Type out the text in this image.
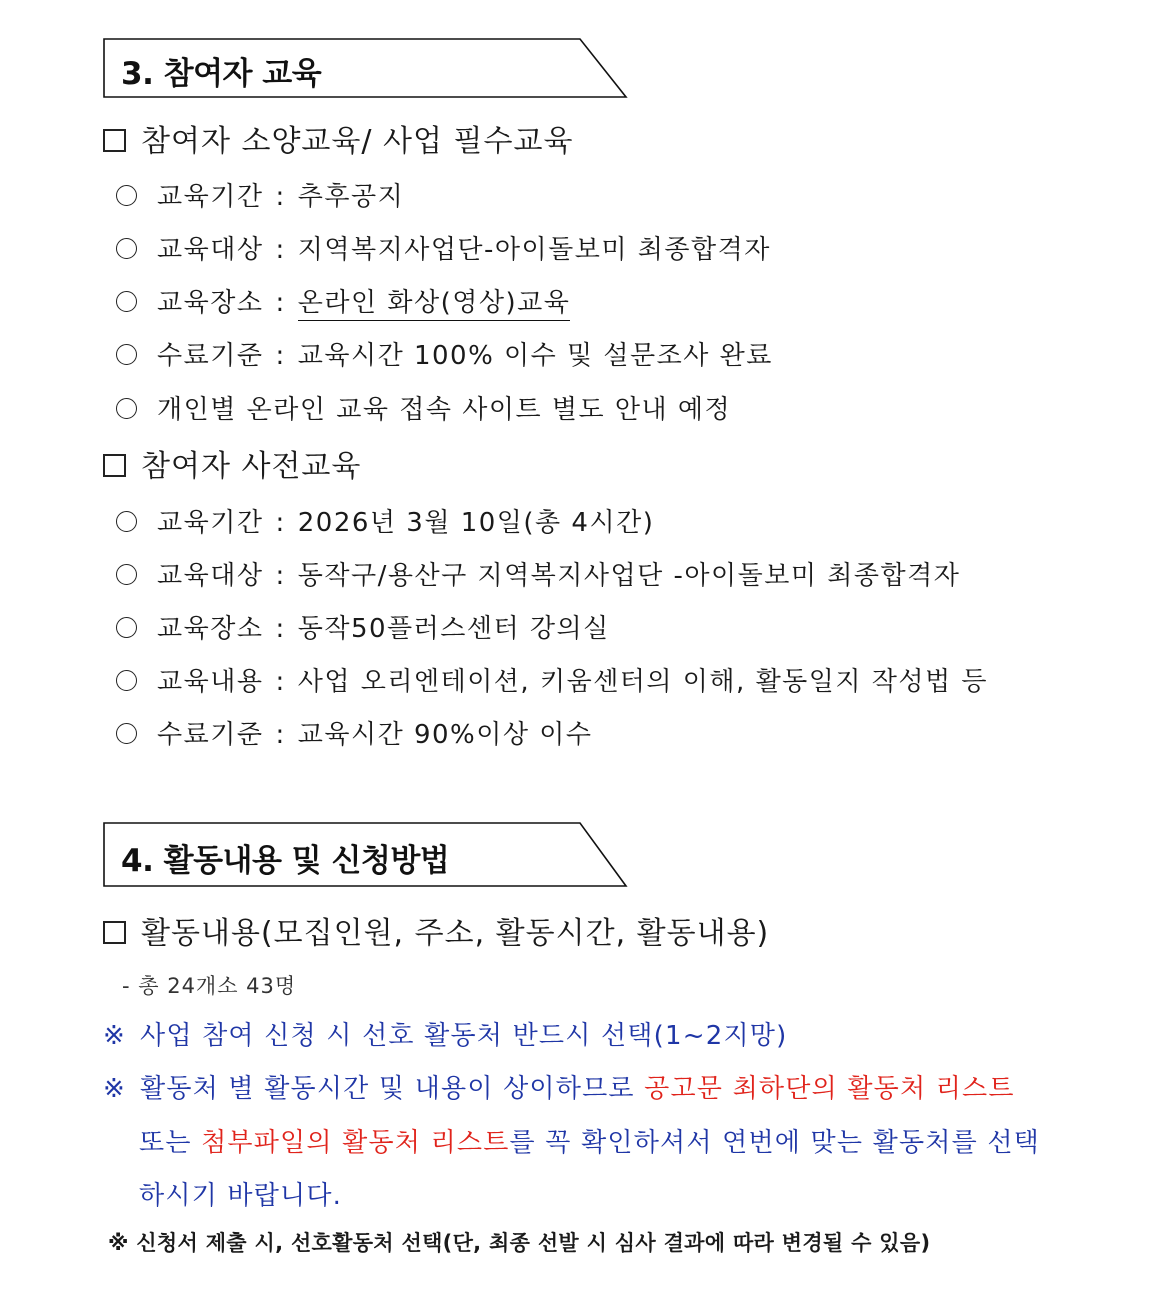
3. 참여자 교육
참여자 소양교육/ 사업 필수교육
교육기간 : 추후공지
교육대상 : 지역복지사업단-아이돌보미 최종합격자
교육장소 : 온라인 화상(영상)교육
수료기준 : 교육시간 100% 이수 및 설문조사 완료
개인별 온라인 교육 접속 사이트 별도 안내 예정
참여자 사전교육
교육기간 : 2026년 3월 10일(총 4시간)
교육대상 : 동작구/용산구 지역복지사업단 -아이돌보미 최종합격자
교육장소 : 동작50플러스센터 강의실
교육내용 : 사업 오리엔테이션, 키움센터의 이해, 활동일지 작성법 등
수료기준 : 교육시간 90%이상 이수
4. 활동내용 및 신청방법
활동내용(모집인원, 주소, 활동시간, 활동내용)
- 총 24개소 43명
※ 사업 참여 신청 시 선호 활동처 반드시 선택(1~2지망)
※ 활동처 별 활동시간 및 내용이 상이하므로 공고문 최하단의 활동처 리스트
또는 첨부파일의 활동처 리스트를 꼭 확인하셔서 연번에 맞는 활동처를 선택
하시기 바랍니다.
※ 신청서 제출 시, 선호활동처 선택(단, 최종 선발 시 심사 결과에 따라 변경될 수 있음)
